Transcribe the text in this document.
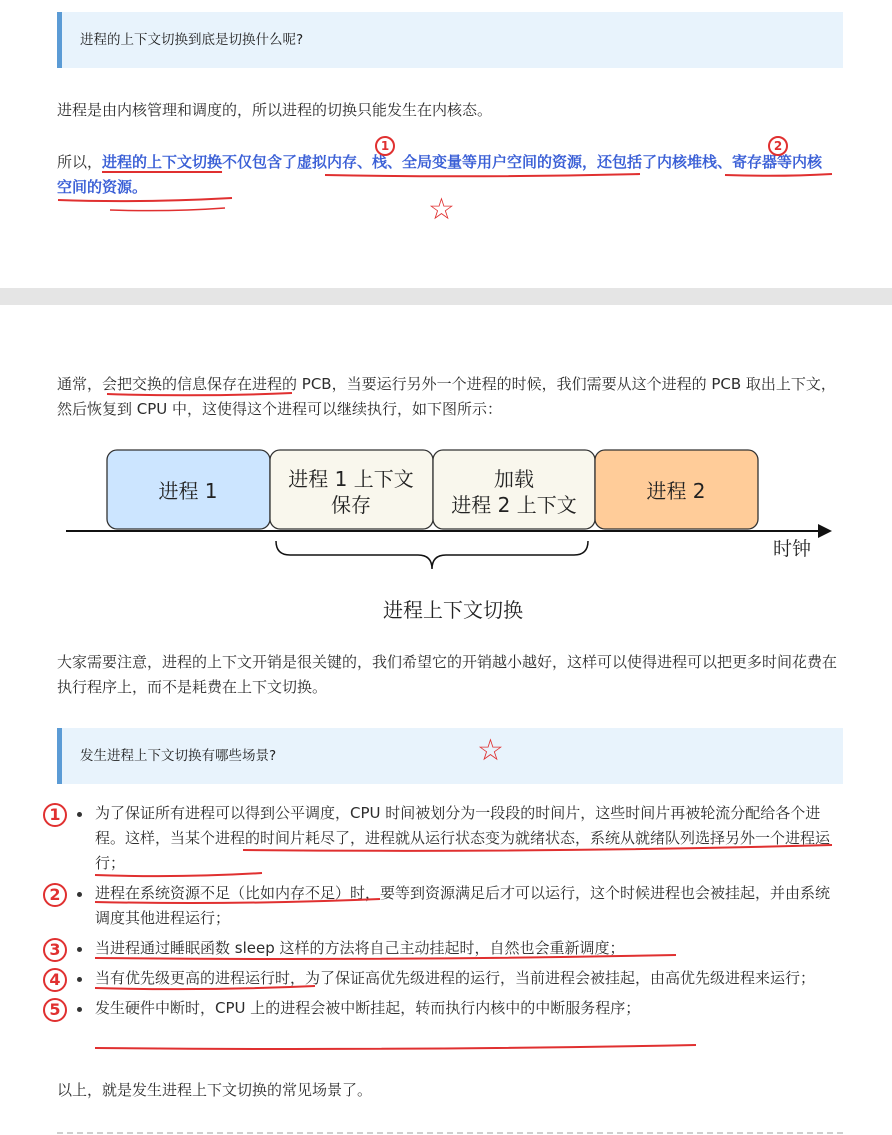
进程的上下文切换到底是切换什么呢?

进程是由内核管理和调度的，所以进程的切换只能发生在内核态。

所以，进程的上下文切换不仅包含了虚拟内存、栈、全局变量等用户空间的资源，还包括了内核堆栈、寄存器等内核空间的资源。

1	2
☆

通常，会把交换的信息保存在进程的 PCB，当要运行另外一个进程的时候，我们需要从这个进程的 PCB 取出上下文，然后恢复到 CPU 中，这使得这个进程可以继续执行，如下图所示：

进程 1	进程 1 上下文
保存
加载
进程 2 上下文
进程 2
时钟
进程上下文切换

大家需要注意，进程的上下文开销是很关键的，我们希望它的开销越小越好，这样可以使得进程可以把更多时间花费在执行程序上，而不是耗费在上下文切换。

发生进程上下文切换有哪些场景?	☆
1	为了保证所有进程可以得到公平调度，CPU 时间被划分为一段段的时间片，这些时间片再被轮流分配给各个进程。这样，当某个进程的时间片耗尽了，进程就从运行状态变为就绪状态，系统从就绪队列选择另外一个进程运行；
2	进程在系统资源不足（比如内存不足）时，要等到资源满足后才可以运行，这个时候进程也会被挂起，并由系统调度其他进程运行；
3	当进程通过睡眠函数 sleep 这样的方法将自己主动挂起时，自然也会重新调度；
4	当有优先级更高的进程运行时，为了保证高优先级进程的运行，当前进程会被挂起，由高优先级进程来运行；
5	发生硬件中断时，CPU 上的进程会被中断挂起，转而执行内核中的中断服务程序；

以上，就是发生进程上下文切换的常见场景了。
